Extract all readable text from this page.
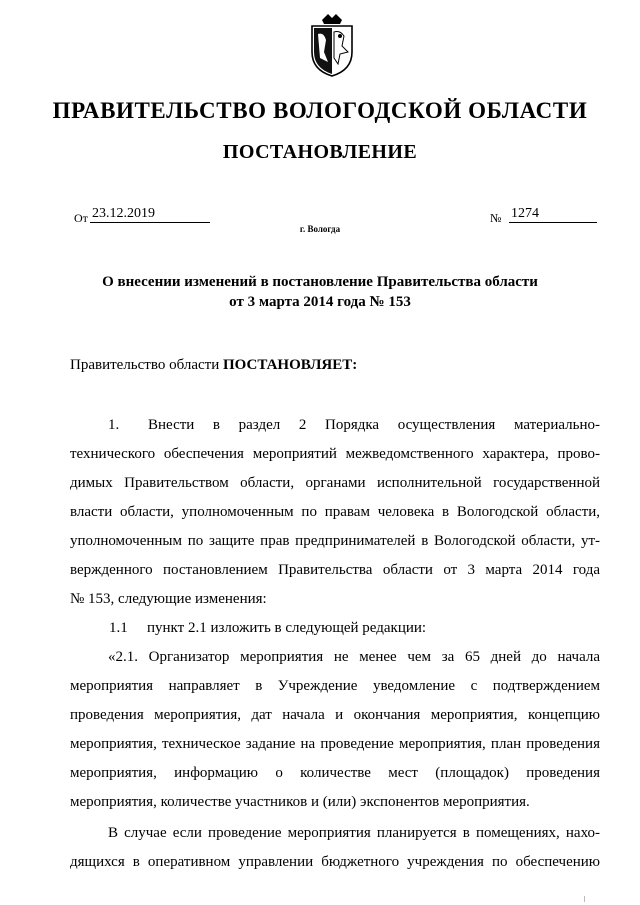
ПРАВИТЕЛЬСТВО ВОЛОГОДСКОЙ ОБЛАСТИ
ПОСТАНОВЛЕНИЕ
От 23.12.2019	№ 1274
г. Вологда
О внесении изменений в постановление Правительства области
от 3 марта 2014 года № 153
Правительство области ПОСТАНОВЛЯЕТ:
1. Внести в раздел 2 Порядка осуществления материально-
технического обеспечения мероприятий межведомственного характера, прово-
димых Правительством области, органами исполнительной государственной
власти области, уполномоченным по правам человека в Вологодской области,
уполномоченным по защите прав предпринимателей в Вологодской области, ут-
вержденного постановлением Правительства области от 3 марта 2014 года
№ 153, следующие изменения:
1.1 пункт 2.1 изложить в следующей редакции:
«2.1. Организатор мероприятия не менее чем за 65 дней до начала
мероприятия направляет в Учреждение уведомление с подтверждением
проведения мероприятия, дат начала и окончания мероприятия, концепцию
мероприятия, техническое задание на проведение мероприятия, план проведения
мероприятия, информацию о количестве мест (площадок) проведения
мероприятия, количестве участников и (или) экспонентов мероприятия.
В случае если проведение мероприятия планируется в помещениях, нахо-
дящихся в оперативном управлении бюджетного учреждения по обеспечению
